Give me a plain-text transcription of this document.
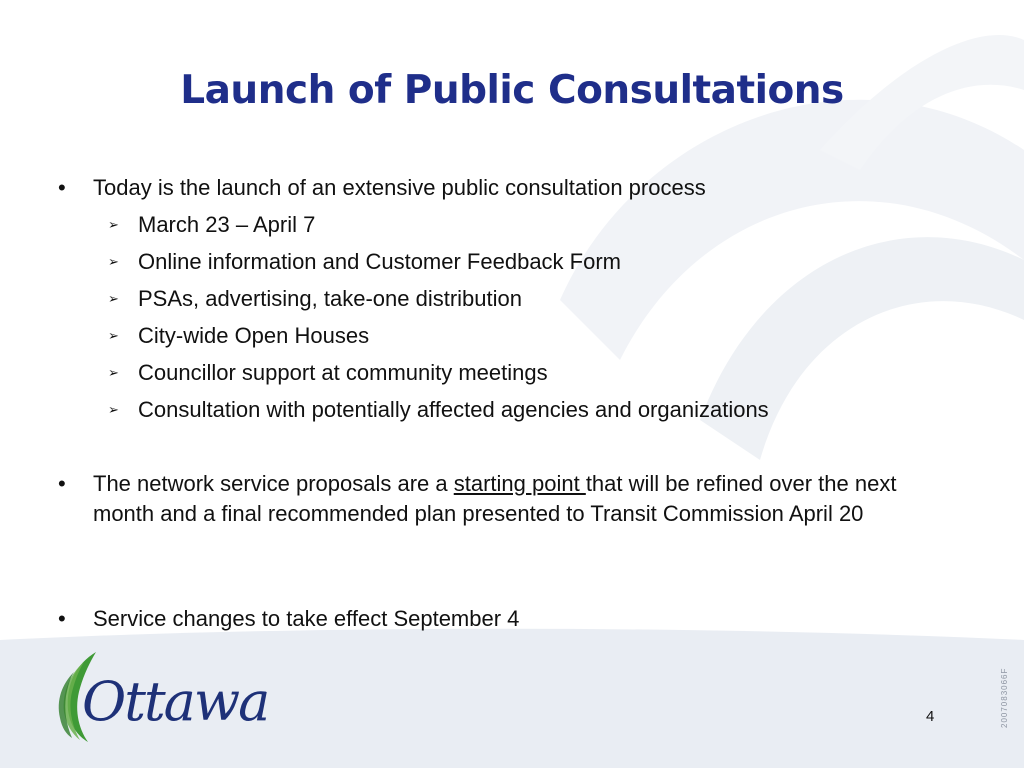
Launch of Public Consultations
• Today is the launch of an extensive public consultation process
➢ March 23 – April 7
➢ Online information and Customer Feedback Form
➢ PSAs, advertising, take-one distribution
➢ City-wide Open Houses
➢ Councillor support at community meetings
➢ Consultation with potentially affected agencies and organizations
• The network service proposals are a starting point that will be refined over the next month and a final recommended plan presented to Transit Commission April 20
• Service changes to take effect September 4
Ottawa	4	2007083066F
